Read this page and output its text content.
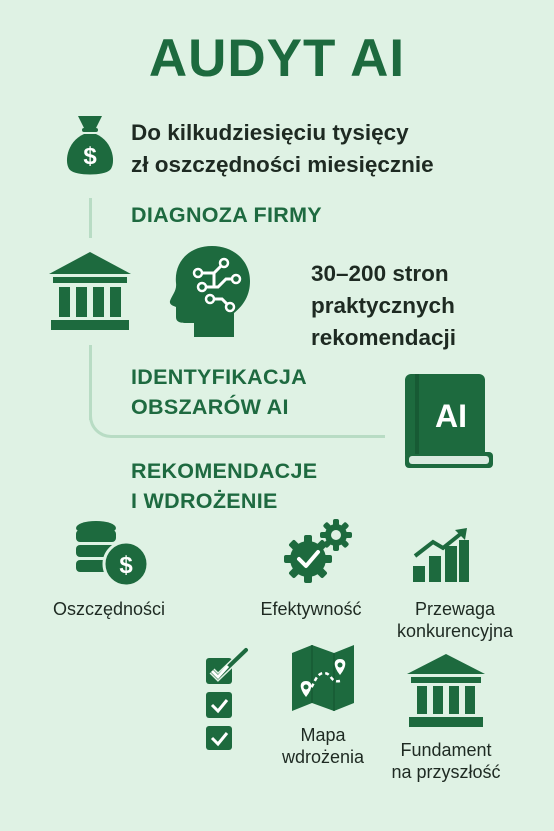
AUDYT AI
$
Do kilkudziesięciu tysięcy
zł oszczędności miesięcznie
DIAGNOZA FIRMY
30–200 stron
praktycznych
rekomendacji
IDENTYFIKACJA
OBSZARÓW AI	AI
REKOMENDACJE
I WDROŻENIE
$
Oszczędności	Efektywność	Przewaga
konkurencyjna
Mapa
wdrożenia	Fundament
na przyszłość
